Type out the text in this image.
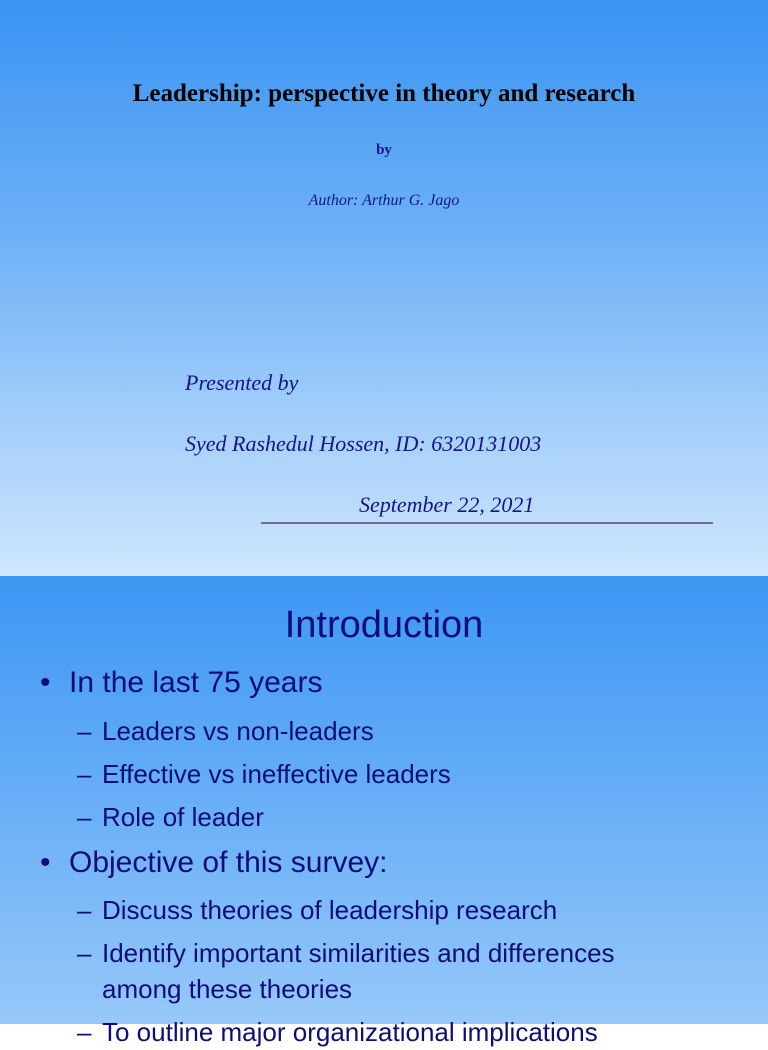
Leadership: perspective in theory and research
by
Author: Arthur G. Jago
Presented by
Syed Rashedul Hossen, ID: 6320131003
September 22, 2021
Introduction
• In the last 75 years
– Leaders vs non-leaders
– Effective vs ineffective leaders
– Role of leader
• Objective of this survey:
– Discuss theories of leadership research
– Identify important similarities and differences
among these theories
– To outline major organizational implications
